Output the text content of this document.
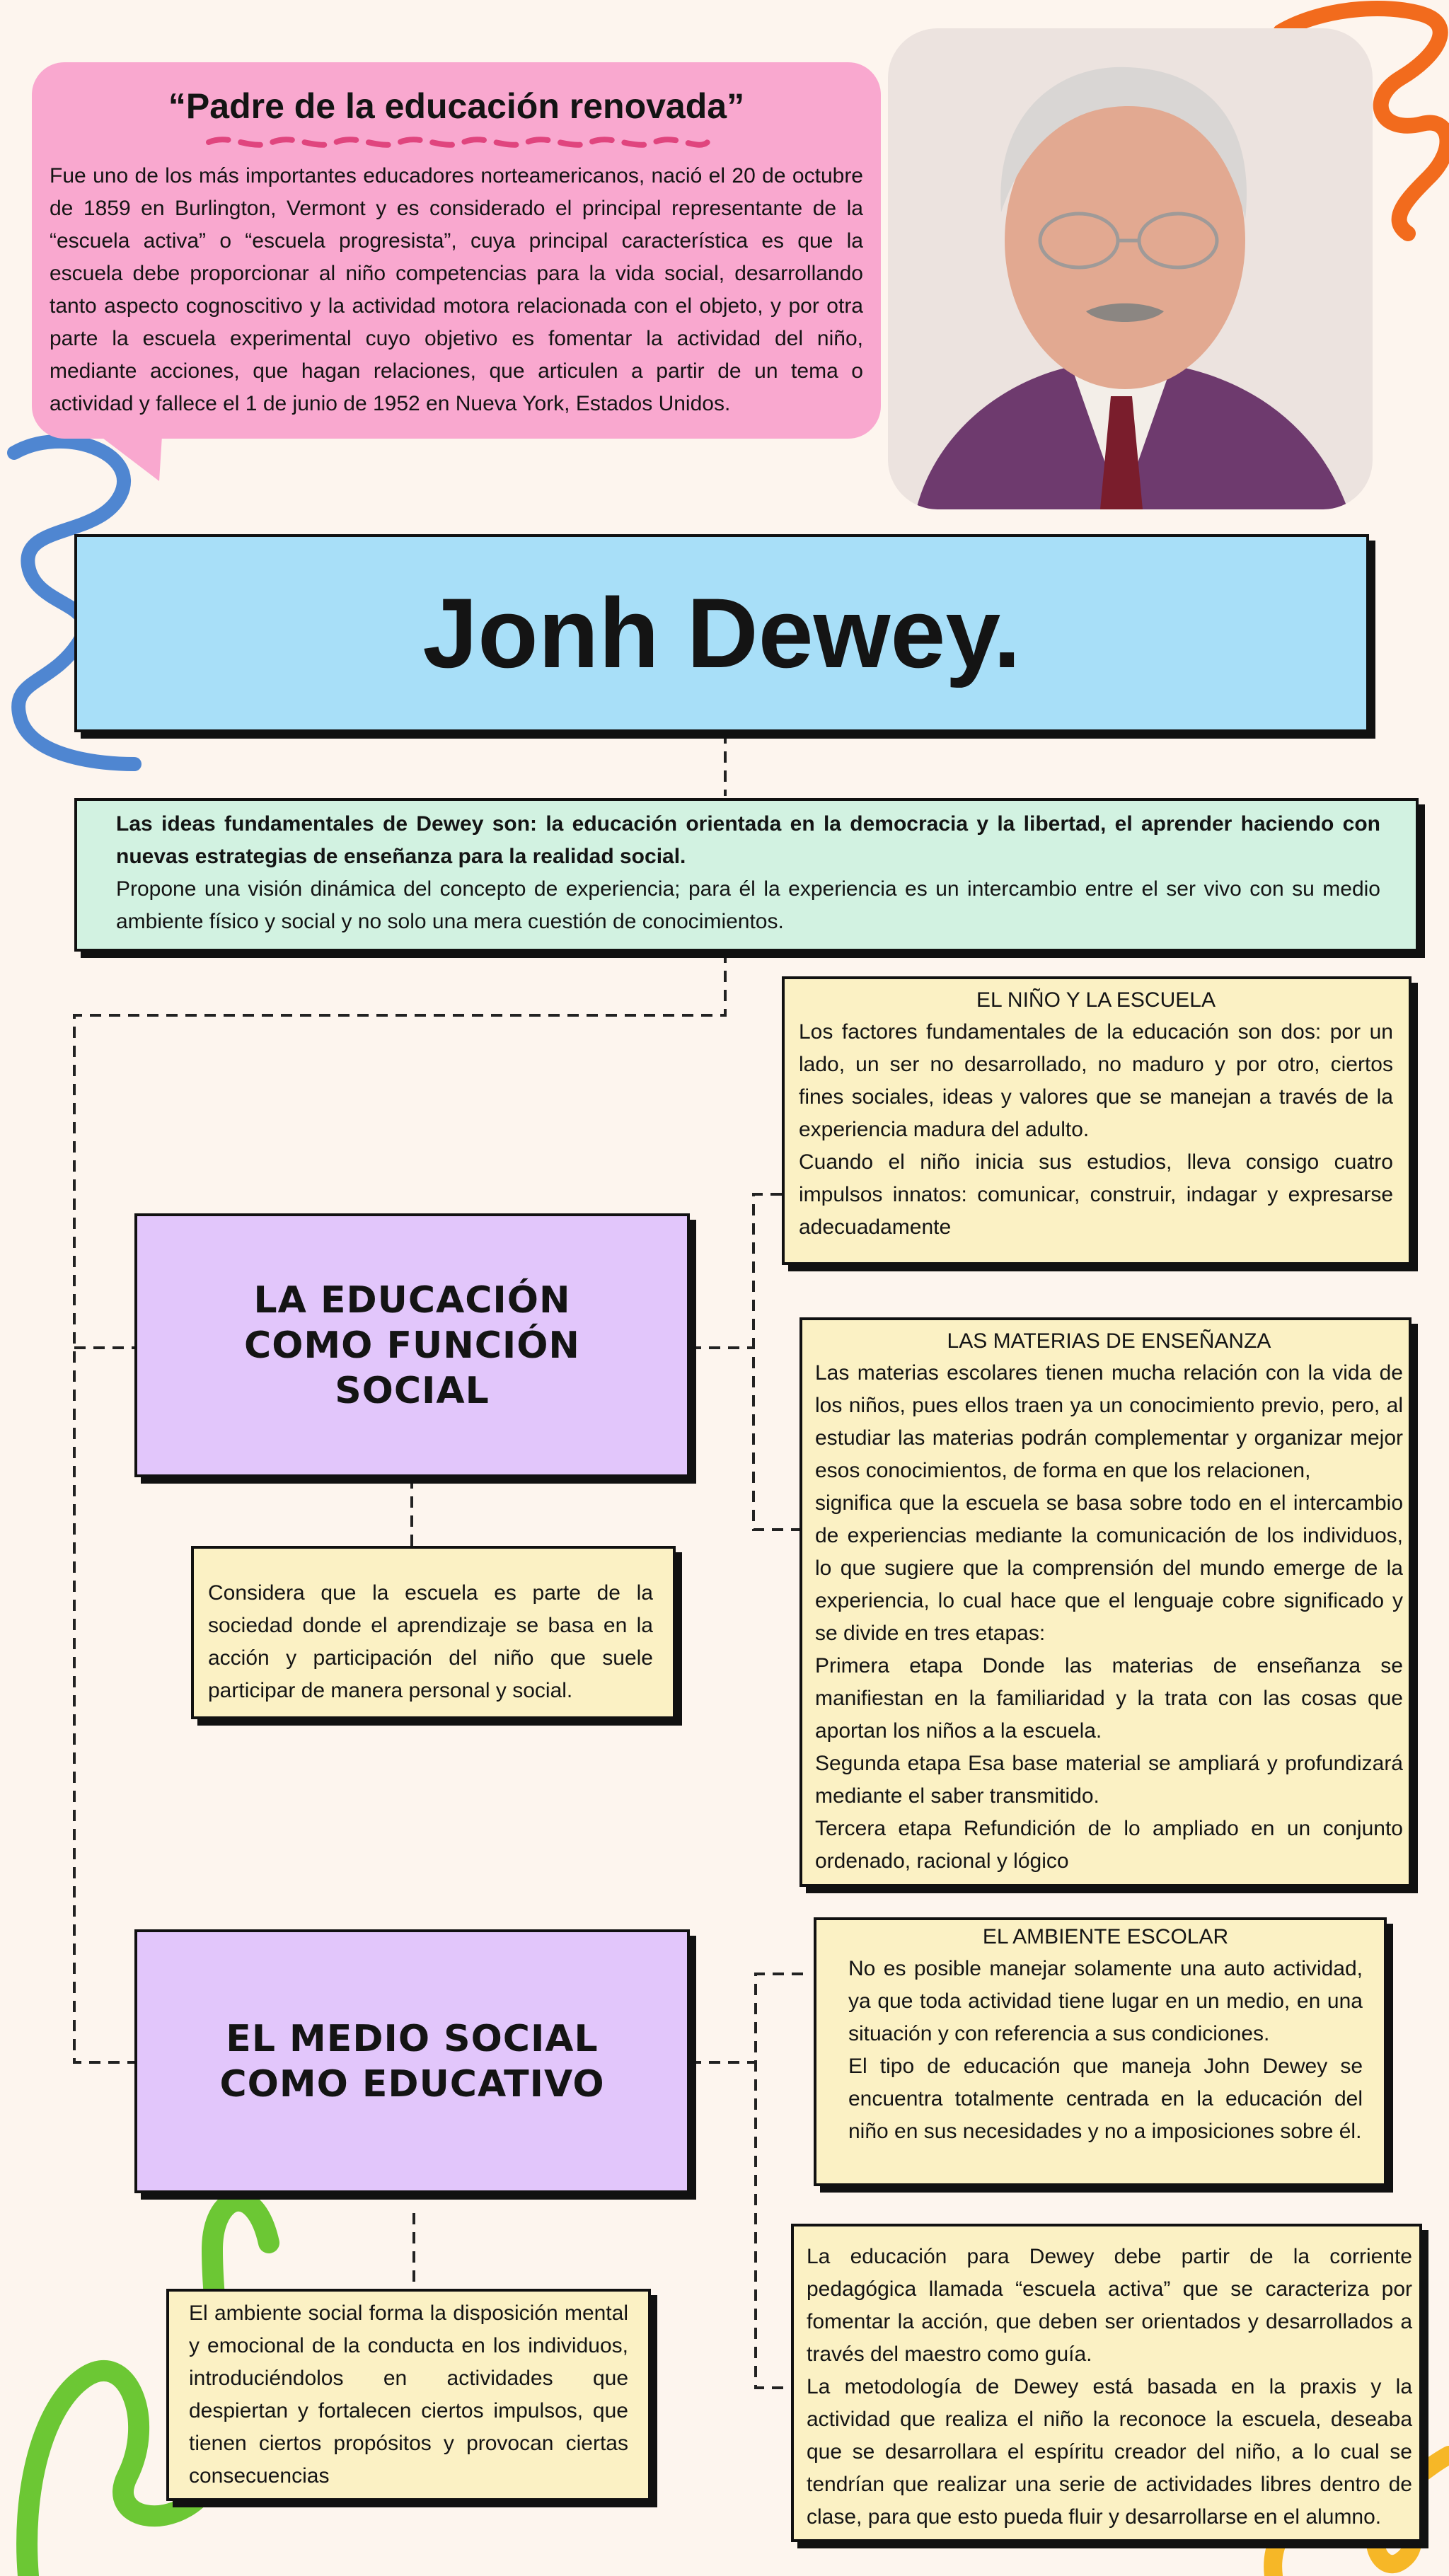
“Padre de la educación renovada”

Fue uno de los más importantes educadores norteamericanos, nació el 20 de octubre de 1859 en Burlington, Vermont y es considerado el principal representante de la “escuela activa” o “escuela progresista”, cuya principal característica es que la escuela debe proporcionar al niño competencias para la vida social, desarrollando tanto aspecto cognoscitivo y la actividad motora relacionada con el objeto, y por otra parte la escuela experimental cuyo objetivo es fomentar la actividad del niño, mediante acciones, que hagan relaciones, que articulen a partir de un tema o actividad y fallece el 1 de junio de 1952 en Nueva York, Estados Unidos.

Jonh Dewey.

Las ideas fundamentales de Dewey son: la educación orientada en la democracia y la libertad, el aprender haciendo con nuevas estrategias de enseñanza para la realidad social.

Propone una visión dinámica del concepto de experiencia; para él la experiencia es un intercambio entre el ser vivo con su medio ambiente físico y social y no solo una mera cuestión de conocimientos.

EL NIÑO Y LA ESCUELA

Los factores fundamentales de la educación son dos: por un lado, un ser no desarrollado, no maduro y por otro, ciertos fines sociales, ideas y valores que se manejan a través de la experiencia madura del adulto.

Cuando el niño inicia sus estudios, lleva consigo cuatro impulsos innatos: comunicar, construir, indagar y expresarse adecuadamente

LA EDUCACIÓN COMO FUNCIÓN SOCIAL

LAS MATERIAS DE ENSEÑANZA

Las materias escolares tienen mucha relación con la vida de los niños, pues ellos traen ya un conocimiento previo, pero, al estudiar las materias podrán complementar y organizar mejor esos conocimientos, de forma en que los relacionen,

significa que la escuela se basa sobre todo en el intercambio de experiencias mediante la comunicación de los individuos, lo que sugiere que la comprensión del mundo emerge de la experiencia, lo cual hace que el lenguaje cobre significado y se divide en tres etapas:

Primera etapa Donde las materias de enseñanza se manifiestan en la familiaridad y la trata con las cosas que aportan los niños a la escuela.

Segunda etapa Esa base material se ampliará y profundizará mediante el saber transmitido.

Tercera etapa Refundición de lo ampliado en un conjunto ordenado, racional y lógico

Considera que la escuela es parte de la sociedad donde el aprendizaje se basa en la acción y participación del niño que suele participar de manera personal y social.

EL AMBIENTE ESCOLAR

No es posible manejar solamente una auto actividad, ya que toda actividad tiene lugar en un medio, en una situación y con referencia a sus condiciones.

El tipo de educación que maneja John Dewey se encuentra totalmente centrada en la educación del niño en sus necesidades y no a imposiciones sobre él.

EL MEDIO SOCIAL COMO EDUCATIVO

La educación para Dewey debe partir de la corriente pedagógica llamada “escuela activa” que se caracteriza por fomentar la acción, que deben ser orientados y desarrollados a través del maestro como guía.

La metodología de Dewey está basada en la praxis y la actividad que realiza el niño la reconoce la escuela, deseaba que se desarrollara el espíritu creador del niño, a lo cual se tendrían que realizar una serie de actividades libres dentro de clase, para que esto pueda fluir y desarrollarse en el alumno.

El ambiente social forma la disposición mental y emocional de la conducta en los individuos, introduciéndolos en actividades que despiertan y fortalecen ciertos impulsos, que tienen ciertos propósitos y provocan ciertas consecuencias
